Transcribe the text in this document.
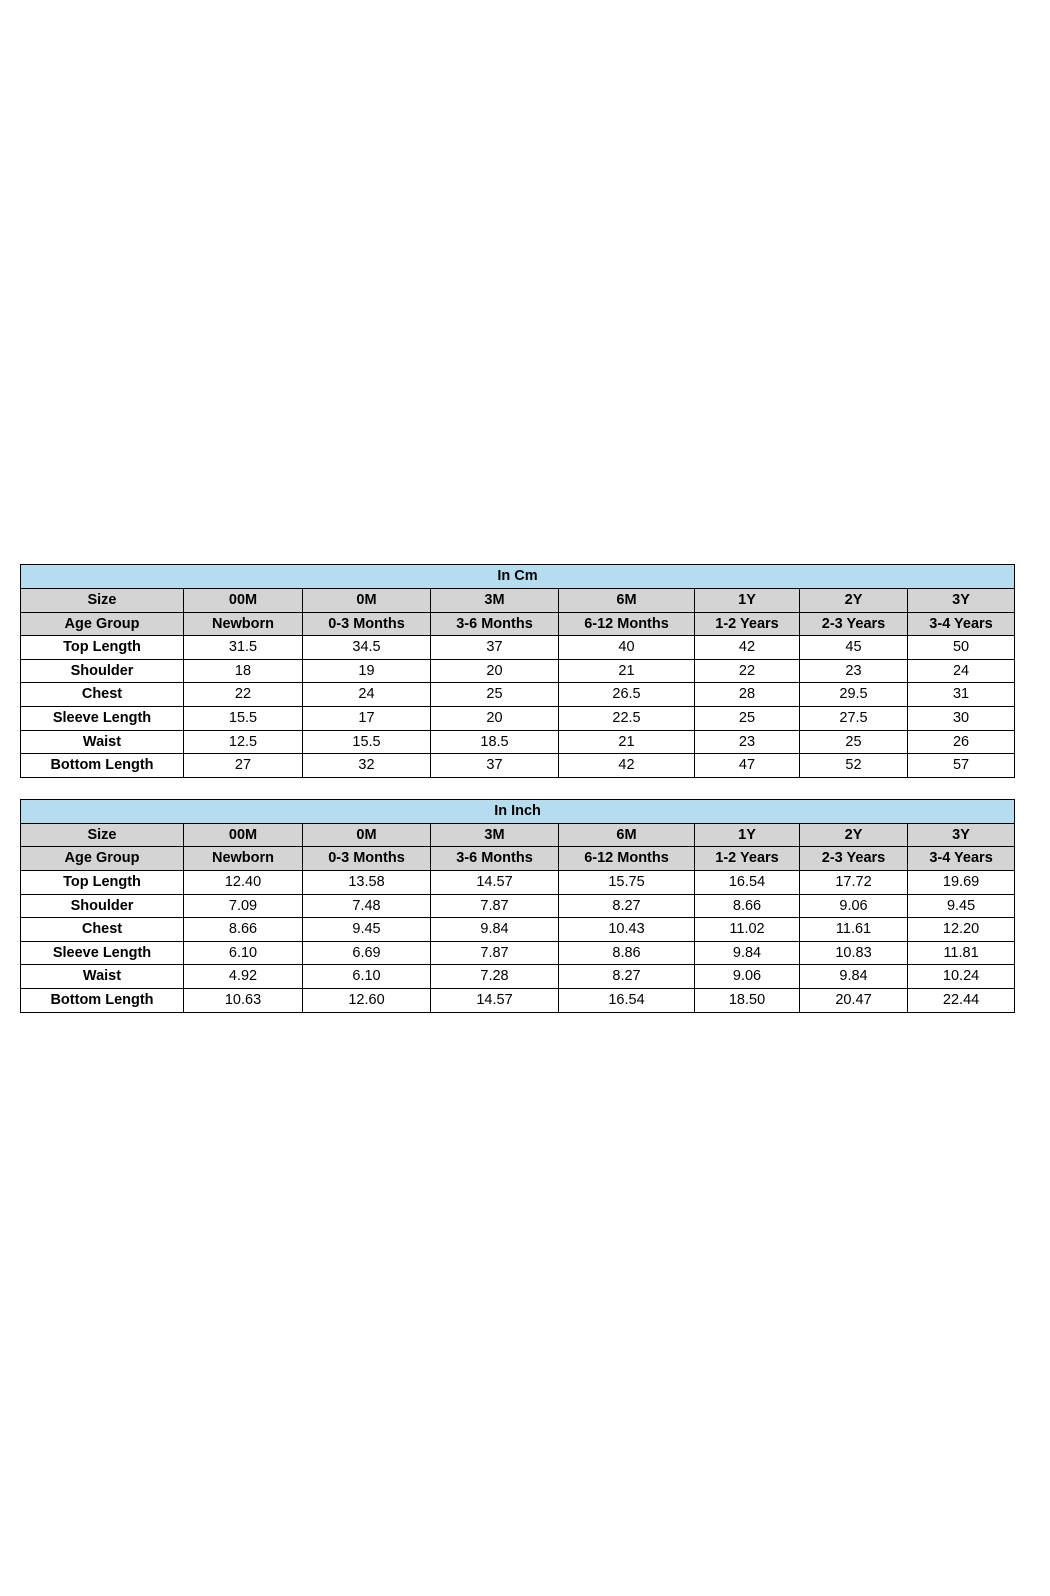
In Cm							
Size	00M	0M	3M	6M	1Y	2Y	3Y
Age Group	Newborn	0-3 Months	3-6 Months	6-12 Months	1-2 Years	2-3 Years	3-4 Years
Top Length	31.5	34.5	37	40	42	45	50
Shoulder	18	19	20	21	22	23	24
Chest	22	24	25	26.5	28	29.5	31
Sleeve Length	15.5	17	20	22.5	25	27.5	30
Waist	12.5	15.5	18.5	21	23	25	26
Bottom Length	27	32	37	42	47	52	57
In Inch							
Size	00M	0M	3M	6M	1Y	2Y	3Y
Age Group	Newborn	0-3 Months	3-6 Months	6-12 Months	1-2 Years	2-3 Years	3-4 Years
Top Length	12.40	13.58	14.57	15.75	16.54	17.72	19.69
Shoulder	7.09	7.48	7.87	8.27	8.66	9.06	9.45
Chest	8.66	9.45	9.84	10.43	11.02	11.61	12.20
Sleeve Length	6.10	6.69	7.87	8.86	9.84	10.83	11.81
Waist	4.92	6.10	7.28	8.27	9.06	9.84	10.24
Bottom Length	10.63	12.60	14.57	16.54	18.50	20.47	22.44
